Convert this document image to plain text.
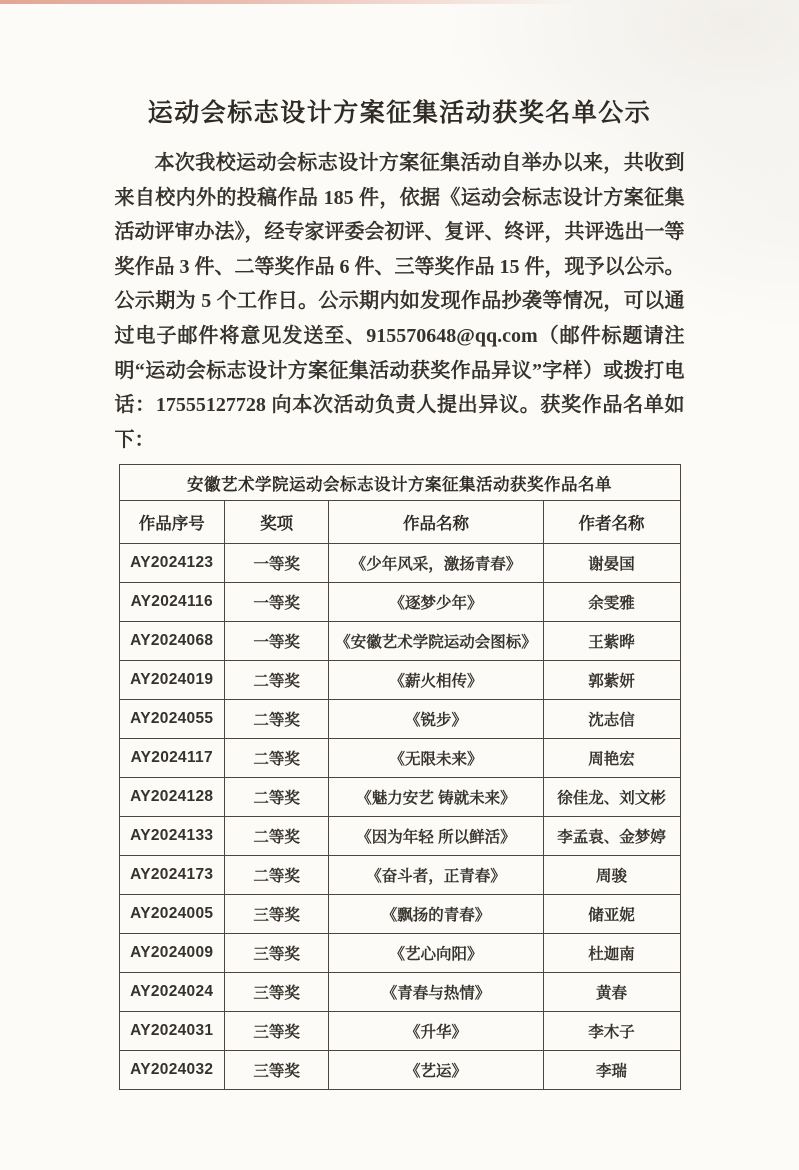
运动会标志设计方案征集活动获奖名单公示

本次我校运动会标志设计方案征集活动自举办以来，共收到来自校内外的投稿作品 185 件，依据《运动会标志设计方案征集活动评审办法》，经专家评委会初评、复评、终评，共评选出一等奖作品 3 件、二等奖作品 6 件、三等奖作品 15 件，现予以公示。公示期为 5 个工作日。公示期内如发现作品抄袭等情况，可以通过电子邮件将意见发送至、915570648@qq.com（邮件标题请注明“运动会标志设计方案征集活动获奖作品异议”字样）或拨打电话：17555127728 向本次活动负责人提出异议。获奖作品名单如下：

安徽艺术学院运动会标志设计方案征集活动获奖作品名单			
作品序号	奖项	作品名称	作者名称
AY2024123	一等奖	《少年风采，激扬青春》	谢晏国
AY2024116	一等奖	《逐梦少年》	余雯雅
AY2024068	一等奖	《安徽艺术学院运动会图标》	王紫晔
AY2024019	二等奖	《薪火相传》	郭紫妍
AY2024055	二等奖	《锐步》	沈志信
AY2024117	二等奖	《无限未来》	周艳宏
AY2024128	二等奖	《魅力安艺 铸就未来》	徐佳龙、刘文彬
AY2024133	二等奖	《因为年轻 所以鲜活》	李孟袁、金梦婷
AY2024173	二等奖	《奋斗者，正青春》	周骏
AY2024005	三等奖	《飘扬的青春》	储亚妮
AY2024009	三等奖	《艺心向阳》	杜迦南
AY2024024	三等奖	《青春与热情》	黄春
AY2024031	三等奖	《升华》	李木子
AY2024032	三等奖	《艺运》	李瑞
